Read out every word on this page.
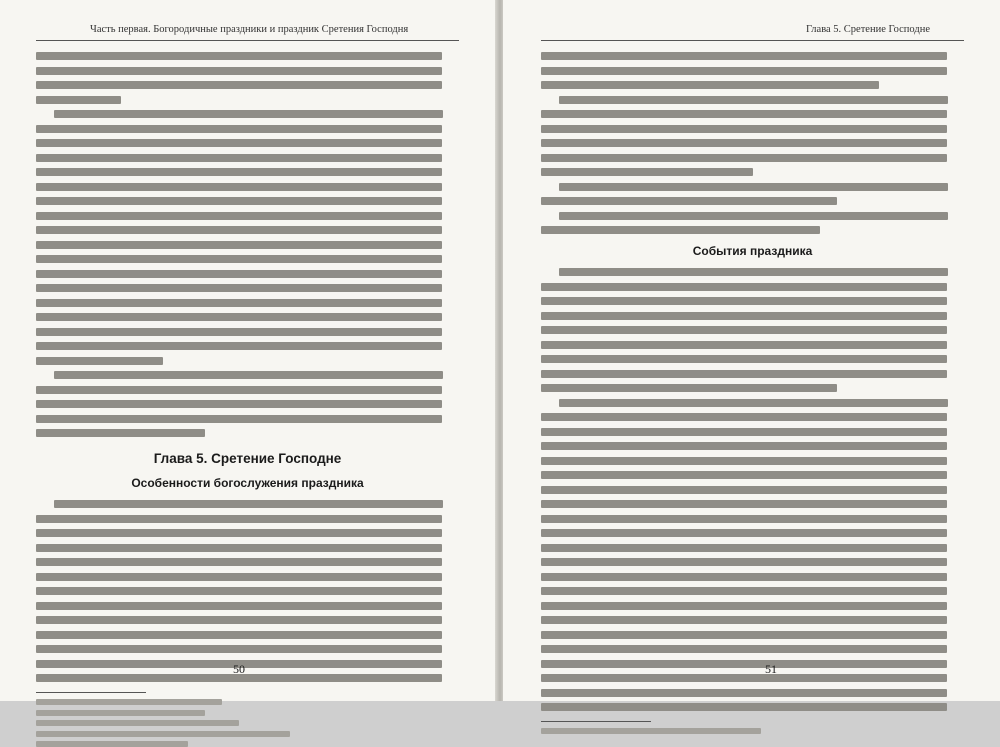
Часть первая. Богородичные праздники и праздник Сретения Господня
Глава 5. Сретение Господне
Особенности богослужения праздника
50
Глава 5. Сретение Господне
События праздника
51
